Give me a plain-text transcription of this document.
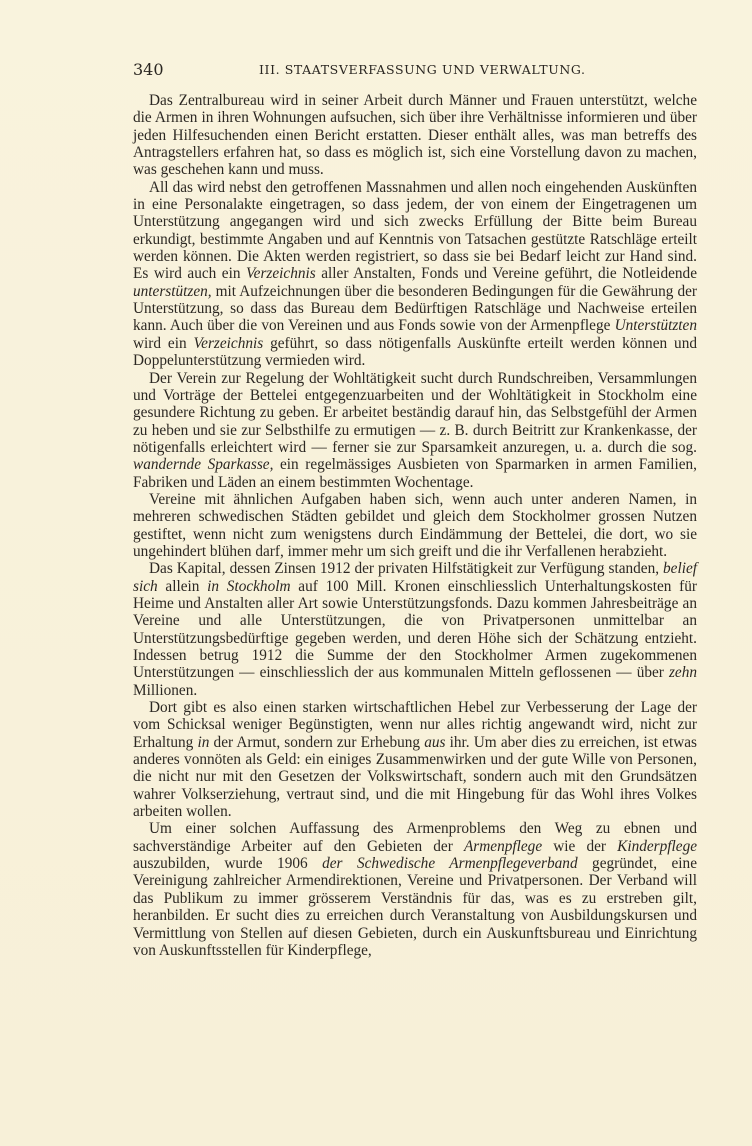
340	III. STAATSVERFASSUNG UND VERWALTUNG.

Das Zentralbureau wird in seiner Arbeit durch Männer und Frauen unterstützt, welche die Armen in ihren Wohnungen aufsuchen, sich über ihre Verhältnisse informieren und über jeden Hilfesuchenden einen Bericht erstatten. Dieser enthält alles, was man betreffs des Antragstellers erfahren hat, so dass es möglich ist, sich eine Vorstellung davon zu machen, was geschehen kann und muss.

All das wird nebst den getroffenen Massnahmen und allen noch eingehenden Auskünften in eine Personalakte eingetragen, so dass jedem, der von einem der Eingetragenen um Unterstützung angegangen wird und sich zwecks Erfüllung der Bitte beim Bureau erkundigt, bestimmte Angaben und auf Kenntnis von Tatsachen gestützte Ratschläge erteilt werden können. Die Akten werden registriert, so dass sie bei Bedarf leicht zur Hand sind. Es wird auch ein Verzeichnis aller Anstalten, Fonds und Vereine geführt, die Notleidende unterstützen, mit Aufzeichnungen über die besonderen Bedingungen für die Gewährung der Unterstützung, so dass das Bureau dem Bedürftigen Ratschläge und Nachweise erteilen kann. Auch über die von Vereinen und aus Fonds sowie von der Armenpflege Unterstützten wird ein Verzeichnis geführt, so dass nötigenfalls Auskünfte erteilt werden können und Doppelunterstützung vermieden wird.

Der Verein zur Regelung der Wohltätigkeit sucht durch Rundschreiben, Versammlungen und Vorträge der Bettelei entgegenzuarbeiten und der Wohltätigkeit in Stockholm eine gesundere Richtung zu geben. Er arbeitet beständig darauf hin, das Selbstgefühl der Armen zu heben und sie zur Selbsthilfe zu ermutigen — z. B. durch Beitritt zur Krankenkasse, der nötigenfalls erleichtert wird — ferner sie zur Sparsamkeit anzuregen, u. a. durch die sog. wandernde Sparkasse, ein regelmässiges Ausbieten von Sparmarken in armen Familien, Fabriken und Läden an einem bestimmten Wochentage.

Vereine mit ähnlichen Aufgaben haben sich, wenn auch unter anderen Namen, in mehreren schwedischen Städten gebildet und gleich dem Stockholmer grossen Nutzen gestiftet, wenn nicht zum wenigstens durch Eindämmung der Bettelei, die dort, wo sie ungehindert blühen darf, immer mehr um sich greift und die ihr Verfallenen herabzieht.

Das Kapital, dessen Zinsen 1912 der privaten Hilfstätigkeit zur Verfügung standen, belief sich allein in Stockholm auf 100 Mill. Kronen einschliesslich Unterhaltungskosten für Heime und Anstalten aller Art sowie Unterstützungsfonds. Dazu kommen Jahresbeiträge an Vereine und alle Unterstützungen, die von Privatpersonen unmittelbar an Unterstützungsbedürftige gegeben werden, und deren Höhe sich der Schätzung entzieht. Indessen betrug 1912 die Summe der den Stockholmer Armen zugekommenen Unterstützungen — einschliesslich der aus kommunalen Mitteln geflossenen — über zehn Millionen.

Dort gibt es also einen starken wirtschaftlichen Hebel zur Verbesserung der Lage der vom Schicksal weniger Begünstigten, wenn nur alles richtig angewandt wird, nicht zur Erhaltung in der Armut, sondern zur Erhebung aus ihr. Um aber dies zu erreichen, ist etwas anderes vonnöten als Geld: ein einiges Zusammenwirken und der gute Wille von Personen, die nicht nur mit den Gesetzen der Volkswirtschaft, sondern auch mit den Grundsätzen wahrer Volkserziehung, vertraut sind, und die mit Hingebung für das Wohl ihres Volkes arbeiten wollen.

Um einer solchen Auffassung des Armenproblems den Weg zu ebnen und sachverständige Arbeiter auf den Gebieten der Armenpflege wie der Kinderpflege auszubilden, wurde 1906 der Schwedische Armenpflegeverband gegründet, eine Vereinigung zahlreicher Armendirektionen, Vereine und Privatpersonen. Der Verband will das Publikum zu immer grösserem Verständnis für das, was es zu erstreben gilt, heranbilden. Er sucht dies zu erreichen durch Veranstaltung von Ausbildungskursen und Vermittlung von Stellen auf diesen Gebieten, durch ein Auskunftsbureau und Einrichtung von Auskunftsstellen für Kinderpflege,
